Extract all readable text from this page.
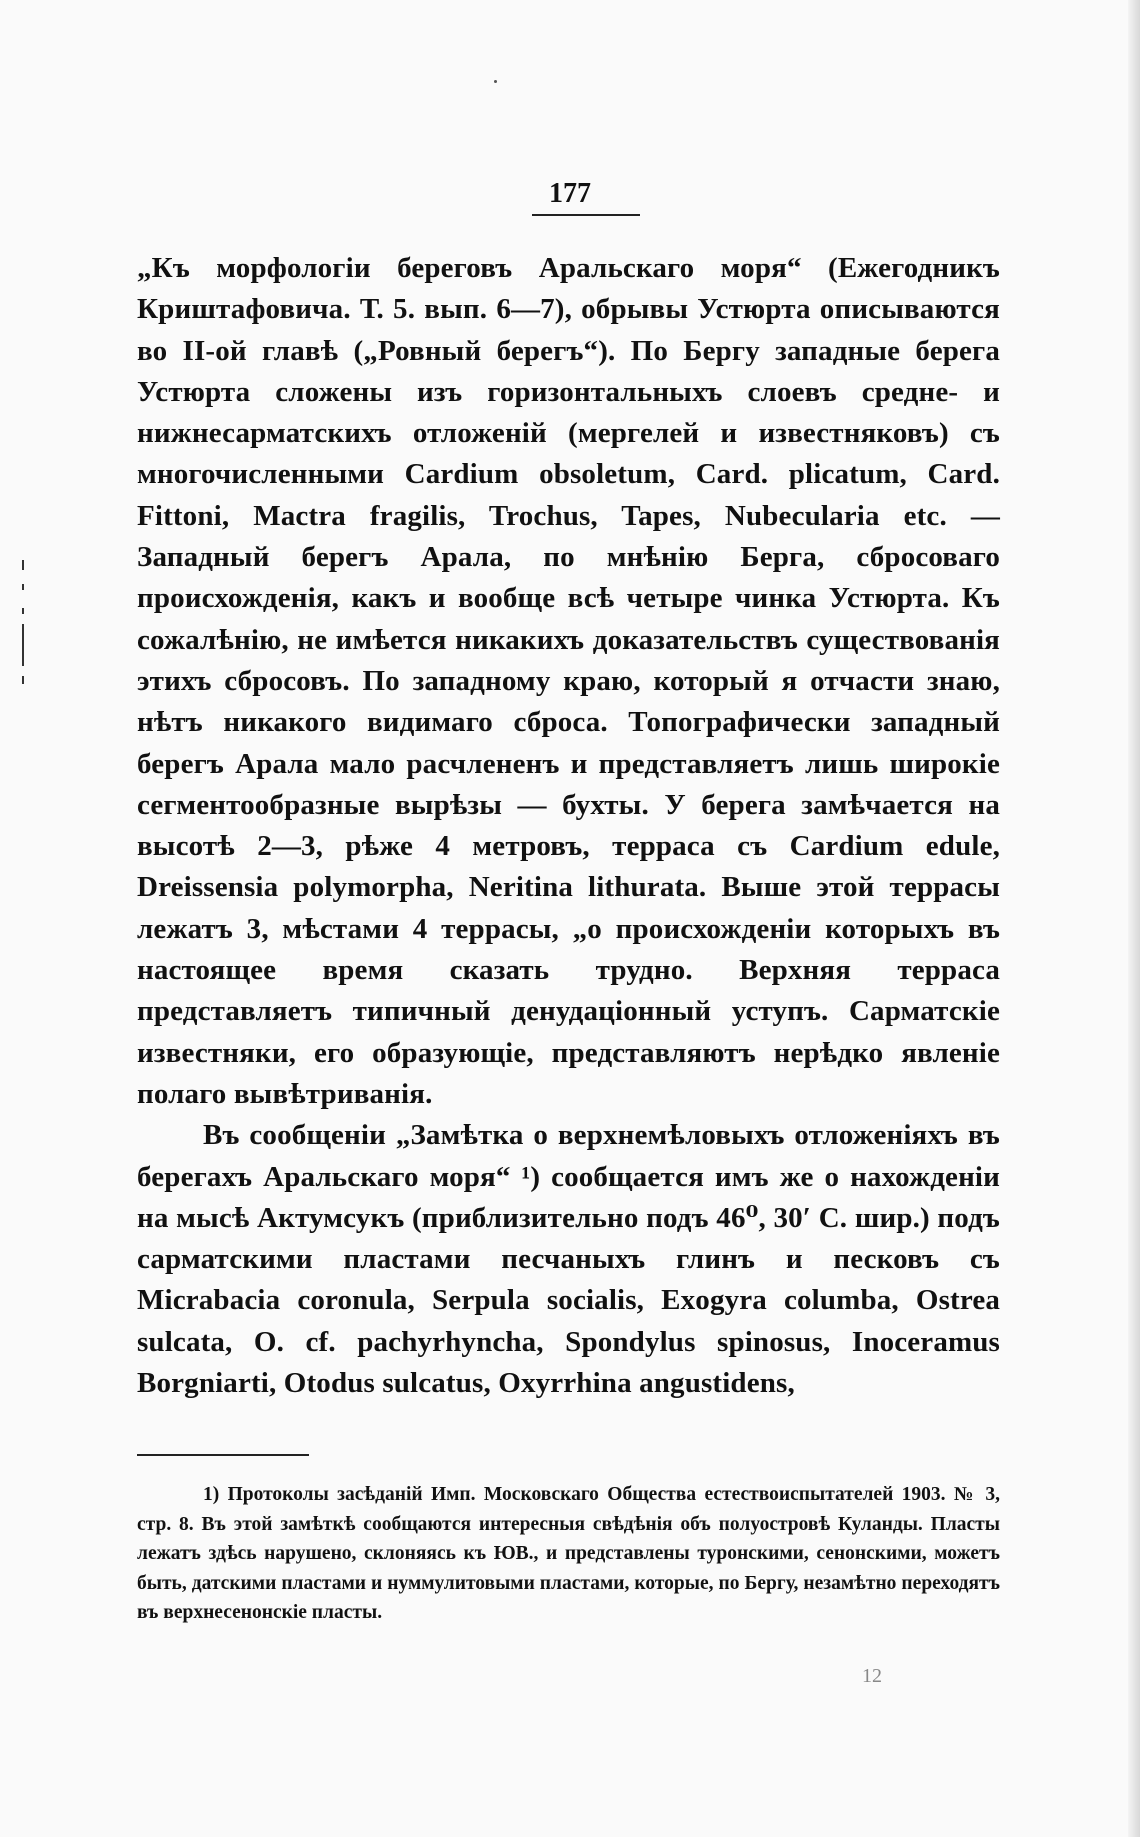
177

„Къ морфологіи береговъ Аральскаго моря“ (Ежегодникъ Криштафовича. Т. 5. вып. 6—7), обрывы Устюрта описываются во II-ой главѣ („Ровный берегъ“). По Бергу западные берега Устюрта сложены изъ горизонтальныхъ слоевъ средне- и нижнесарматскихъ отложеній (мергелей и известняковъ) съ многочисленными Cardium obsoletum, Card. plicatum, Card. Fittoni, Mactra fragilis, Trochus, Tapes, Nubecularia etc. — Западный берегъ Арала, по мнѣнію Берга, сбросоваго происхожденія, какъ и вообще всѣ четыре чинка Устюрта. Къ сожалѣнію, не имѣется никакихъ доказательствъ существованія этихъ сбросовъ. По западному краю, который я отчасти знаю, нѣтъ никакого видимаго сброса. Топографически западный берегъ Арала мало расчлененъ и представляетъ лишь широкіе сегментообразные вырѣзы — бухты. У берега замѣчается на высотѣ 2—3, рѣже 4 метровъ, терраса съ Cardium edule, Dreissensia polymorpha, Neritina lithurata. Выше этой террасы лежатъ 3, мѣстами 4 террасы, „о происхожденіи которыхъ въ настоящее время сказать трудно. Верхняя терраса представляетъ типичный денудаціонный уступъ. Сарматскіе известняки, его образующіе, представляютъ нерѣдко явленіе полаго вывѣтриванія.

Въ сообщеніи „Замѣтка о верхнемѣловыхъ отложеніяхъ въ берегахъ Аральскаго моря“ ¹) сообщается имъ же о нахожденіи на мысѣ Актумсукъ (приблизительно подъ 46⁰, 30′ С. шир.) подъ сарматскими пластами песчаныхъ глинъ и песковъ съ Micrabacia coronula, Serpula socialis, Exogyra columba, Ostrea sulcata, O. cf. pachyrhyncha, Spondylus spinosus, Inoceramus Borgniarti, Otodus sulcatus, Oxyrrhina angustidens,

1) Протоколы засѣданій Имп. Московскаго Общества естествоиспытателей 1903. № 3, стр. 8. Въ этой замѣткѣ сообщаются интересныя свѣдѣнія объ полуостровѣ Куланды. Пласты лежатъ здѣсь нарушено, склоняясь къ ЮВ., и представлены туронскими, сенонскими, можетъ быть, датскими пластами и нуммулитовыми пластами, которые, по Бергу, незамѣтно переходятъ въ верхнесенонскіе пласты.

12
